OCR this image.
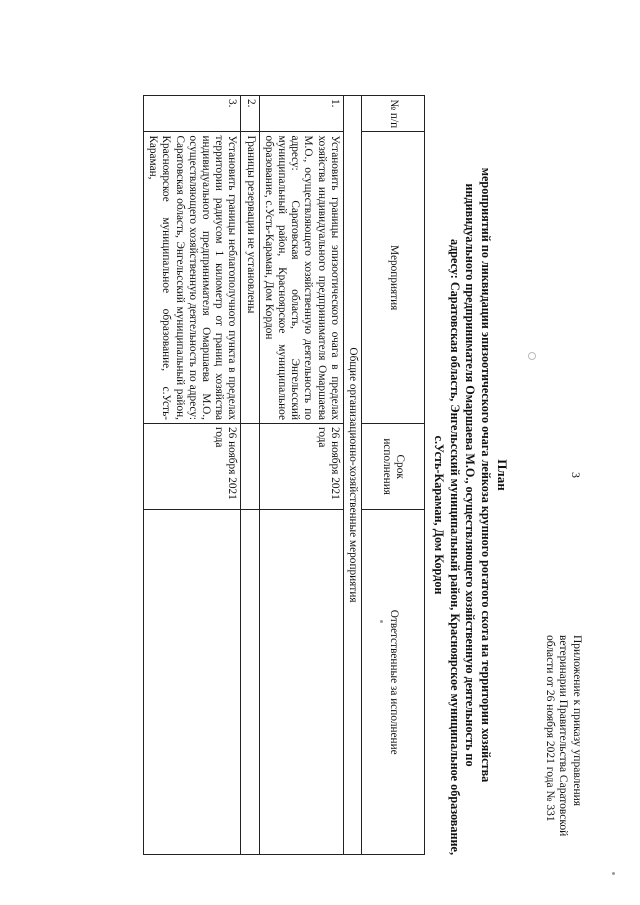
3
Приложение к приказу управления
ветеринарии Правительства Саратовской
области от 26 ноября 2021 года № 331
План
мероприятий по ликвидации эпизоотического очага лейкоза крупного рогатого скота на территории хозяйства
индивидуального предпринимателя Омаршаева М.О., осуществляющего хозяйственную деятельность по
адресу: Саратовская область, Энгельсский муниципальный район, Красноярское муниципальное образование,
с.Усть-Караман, Дом Кордон
№ п/п	Мероприятия	Срок исполнения	Ответственные за исполнение
Общие организационно-хозяйственные мероприятия			
1.	Установить границы эпизоотического очага в пределах хозяйства индивидуального предпринимателя Омаршаева М.О., осуществляющего хозяйственную деятельность по адресу: Саратовская область, Энгельсский муниципальный район, Красноярское муниципальное образование, с.Усть-Караман, Дом Кордон	26 ноября 2021 года	
2.	Границы резервации не установлены		
3.	Установить границы неблагополучного пункта в пределах территории радиусом 1 километр от границ хозяйства индивидуального предпринимателя Омаршаева М.О., осуществляющего хозяйственную деятельность по адресу: Саратовская область, Энгельсский муниципальный район, Красноярское муниципальное образование, с.Усть-Караман,	26 ноября 2021 года	
